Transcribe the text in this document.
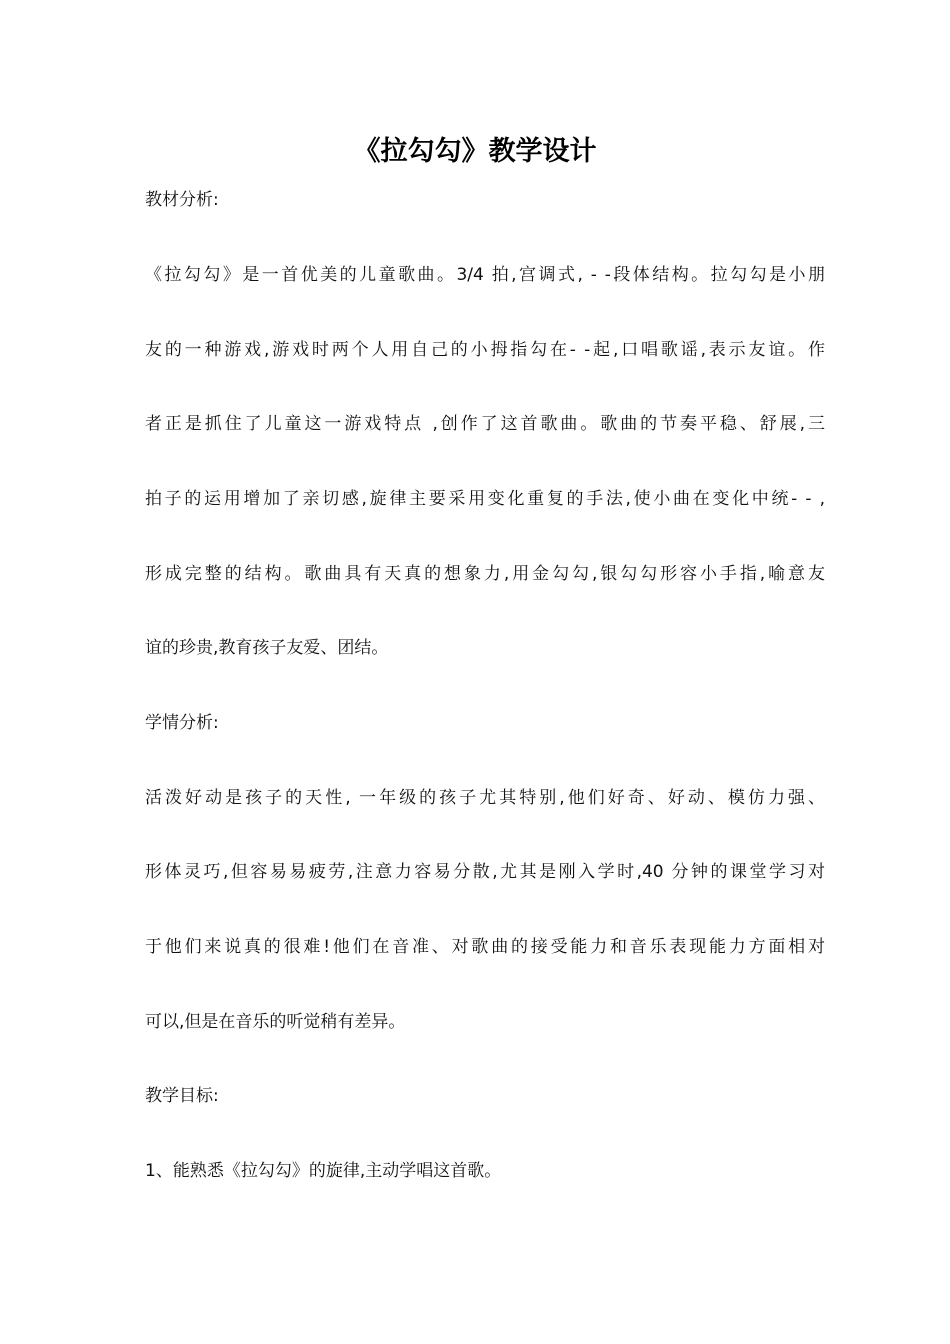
《拉勾勾》教学设计
教材分析:
《拉勾勾》是一首优美的儿童歌曲。3/4 拍,宫调式, - -段体结构。拉勾勾是小朋
友的一种游戏,游戏时两个人用自己的小拇指勾在- -起,口唱歌谣,表示友谊。作
者正是抓住了儿童这一游戏特点 ,创作了这首歌曲。歌曲的节奏平稳、舒展,三
拍子的运用增加了亲切感,旋律主要采用变化重复的手法,使小曲在变化中统- - ,
形成完整的结构。歌曲具有天真的想象力,用金勾勾,银勾勾形容小手指,喻意友
谊的珍贵,教育孩子友爱、团结。
学情分析:
活泼好动是孩子的天性, 一年级的孩子尤其特别,他们好奇、好动、模仿力强、
形体灵巧,但容易易疲劳,注意力容易分散,尤其是刚入学时,40 分钟的课堂学习对
于他们来说真的很难!他们在音准、对歌曲的接受能力和音乐表现能力方面相对
可以,但是在音乐的听觉稍有差异。
教学目标:
1、能熟悉《拉勾勾》的旋律,主动学唱这首歌。
